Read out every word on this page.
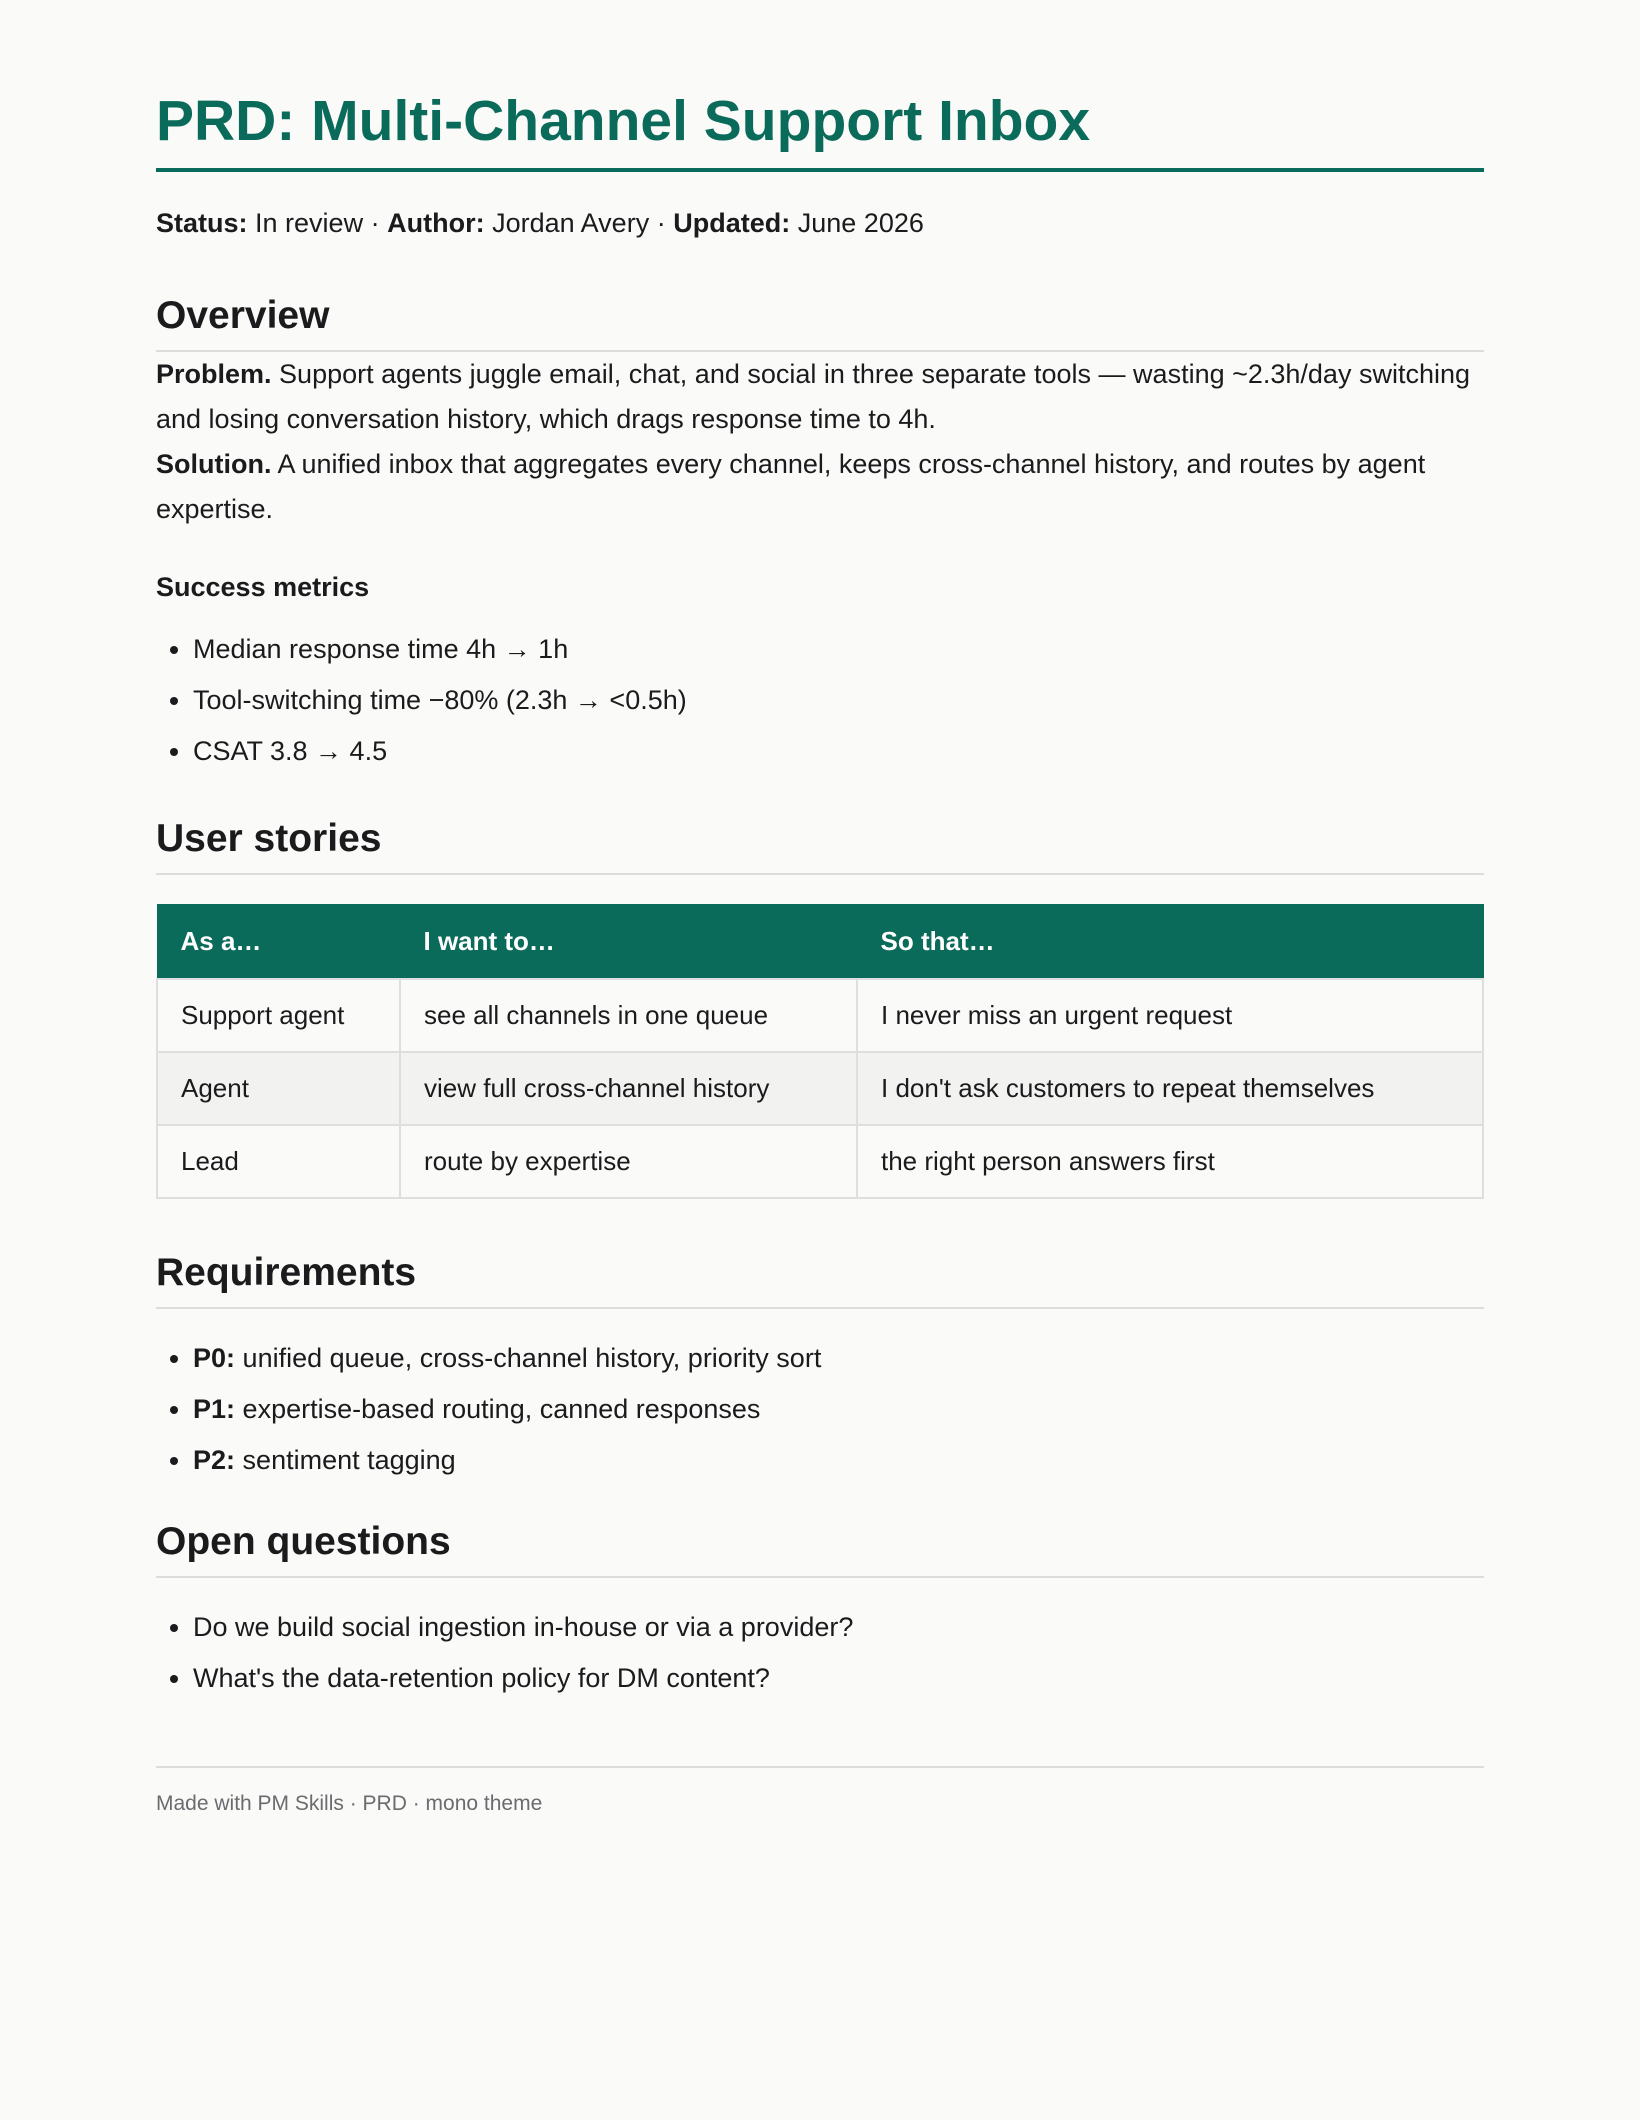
PRD: Multi-Channel Support Inbox
Status: In review · Author: Jordan Avery · Updated: June 2026
Overview

Problem. Support agents juggle email, chat, and social in three separate tools — wasting ~2.3h/day switching and losing conversation history, which drags response time to 4h.

Solution. A unified inbox that aggregates every channel, keeps cross-channel history, and routes by agent expertise.

Success metrics
• Median response time 4h → 1h
• Tool-switching time −80% (2.3h → <0.5h)
• CSAT 3.8 → 4.5
User stories
As a…	I want to…	So that…
Support agent	see all channels in one queue	I never miss an urgent request
Agent	view full cross-channel history	I don't ask customers to repeat themselves
Lead	route by expertise	the right person answers first
Requirements
• P0: unified queue, cross-channel history, priority sort
• P1: expertise-based routing, canned responses
• P2: sentiment tagging
Open questions
• Do we build social ingestion in-house or via a provider?
• What's the data-retention policy for DM content?
Made with PM Skills · PRD · mono theme
